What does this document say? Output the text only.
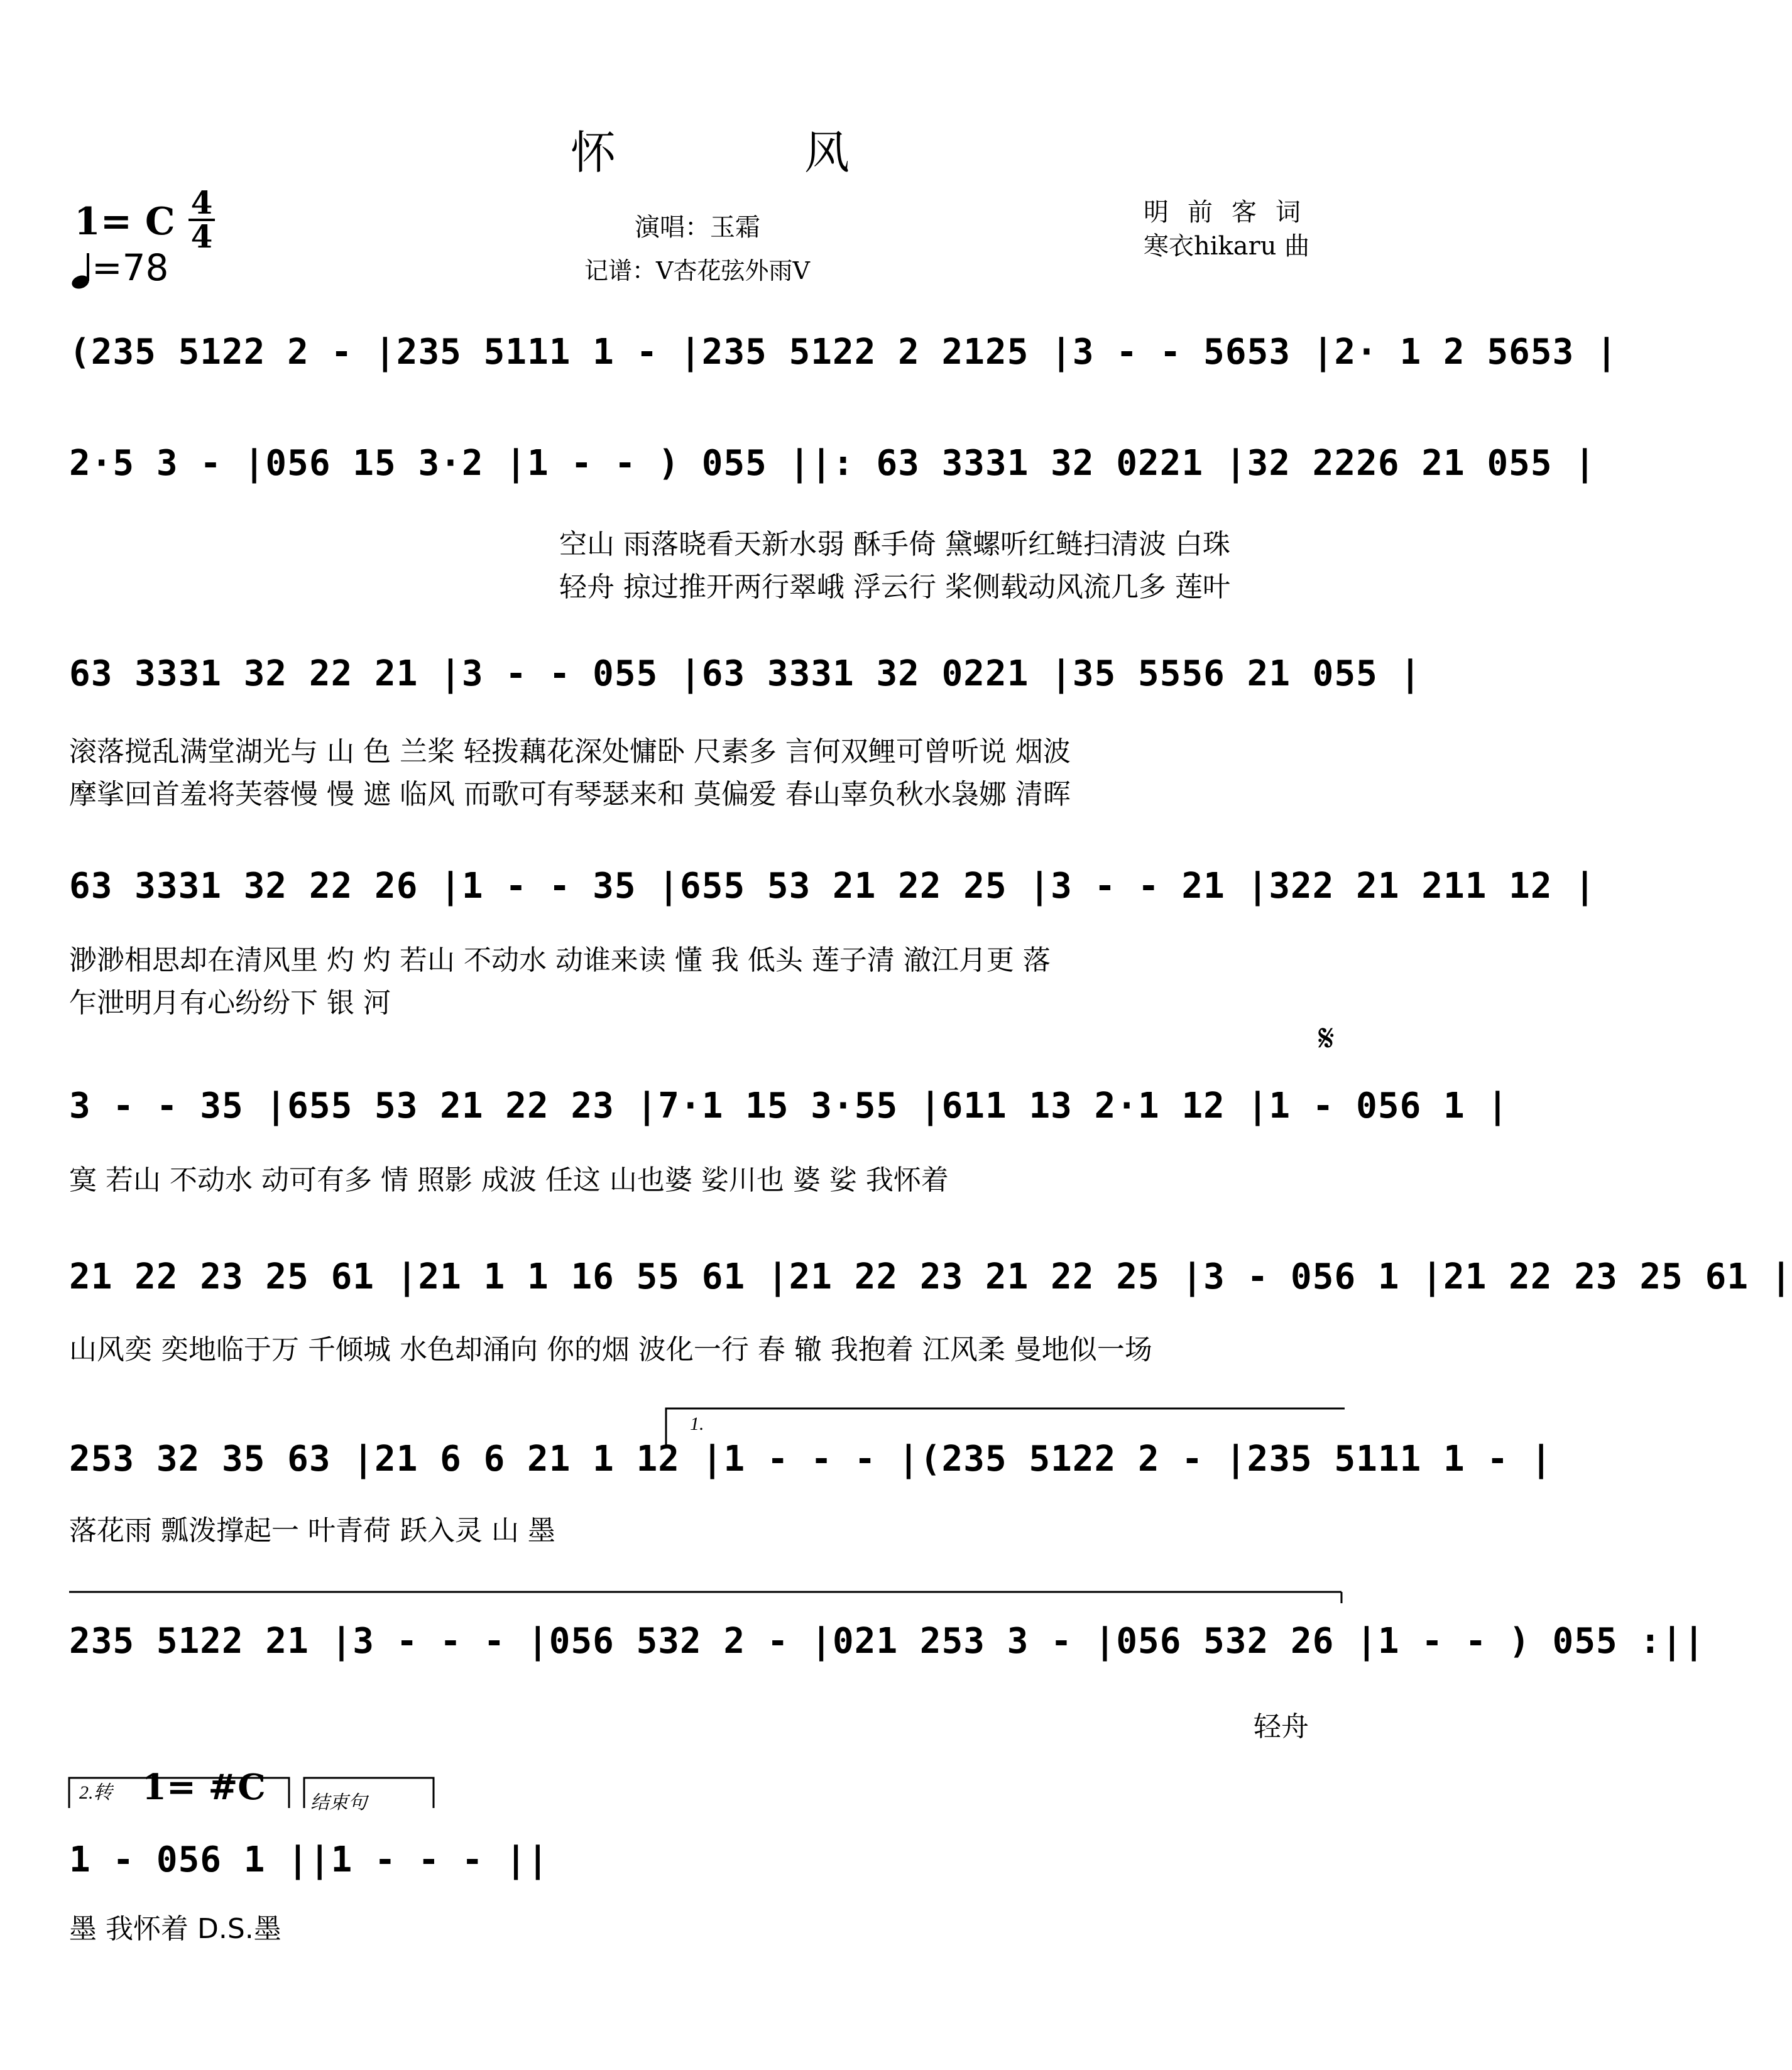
怀	风
1= C 4
4
=78
演唱：玉霜
记谱：V杏花弦外雨V
明前客词
寒衣hikaru 曲
(235 5122 2 - |235 5111 1 - |235 5122 2 2125 |3 - - 5653 |2· 1 2 5653 |
2·5 3 - |056 15 3·2 |1 - - ) 055 ||: 63 3331 32 0221 |32 2226 21 055 |
空山 雨落晓看天新水弱 酥手倚 黛螺听红鲢扫清波 白珠
轻舟 掠过推开两行翠峨 浮云行 桨侧载动风流几多 莲叶
63 3331 32 22 21 |3 - - 055 |63 3331 32 0221 |35 5556 21 055 |
滚落搅乱满堂湖光与 山 色 兰桨 轻拨藕花深处慵卧 尺素多 言何双鲤可曾听说 烟波
摩挲回首羞将芙蓉慢 慢 遮 临风 而歌可有琴瑟来和 莫偏爱 春山辜负秋水袅娜 清晖
63 3331 32 22 26 |1 - - 35 |655 53 21 22 25 |3 - - 21 |322 21 211 12 |
渺渺相思却在清风里 灼 灼 若山 不动水 动谁来读 懂 我 低头 莲子清 澈江月更 落
乍泄明月有心纷纷下 银 河
𝄋
3 - - 35 |655 53 21 22 23 |7·1 15 3·55 |611 13 2·1 12 |1 - 056 1 |
寞 若山 不动水 动可有多 情 照影 成波 任这 山也婆 娑川也 婆 娑 我怀着
21 22 23 25 61 |21 1 1 16 55 61 |21 22 23 21 22 25 |3 - 056 1 |21 22 23 25 61 |
山风奕 奕地临于万 千倾城 水色却涌向 你的烟 波化一行 春 辙 我抱着 江风柔 曼地似一场
1.
253 32 35 63 |21 6 6 21 1 12 |1 - - - |(235 5122 2 - |235 5111 1 - |
落花雨 瓢泼撑起一 叶青荷 跃入灵 山 墨
235 5122 21 |3 - - - |056 532 2 - |021 253 3 - |056 532 26 |1 - - ) 055 :||
轻舟
2.转 1= #C 结束句
1 - 056 1 ||1 - - - ||
墨 我怀着 D.S.墨
